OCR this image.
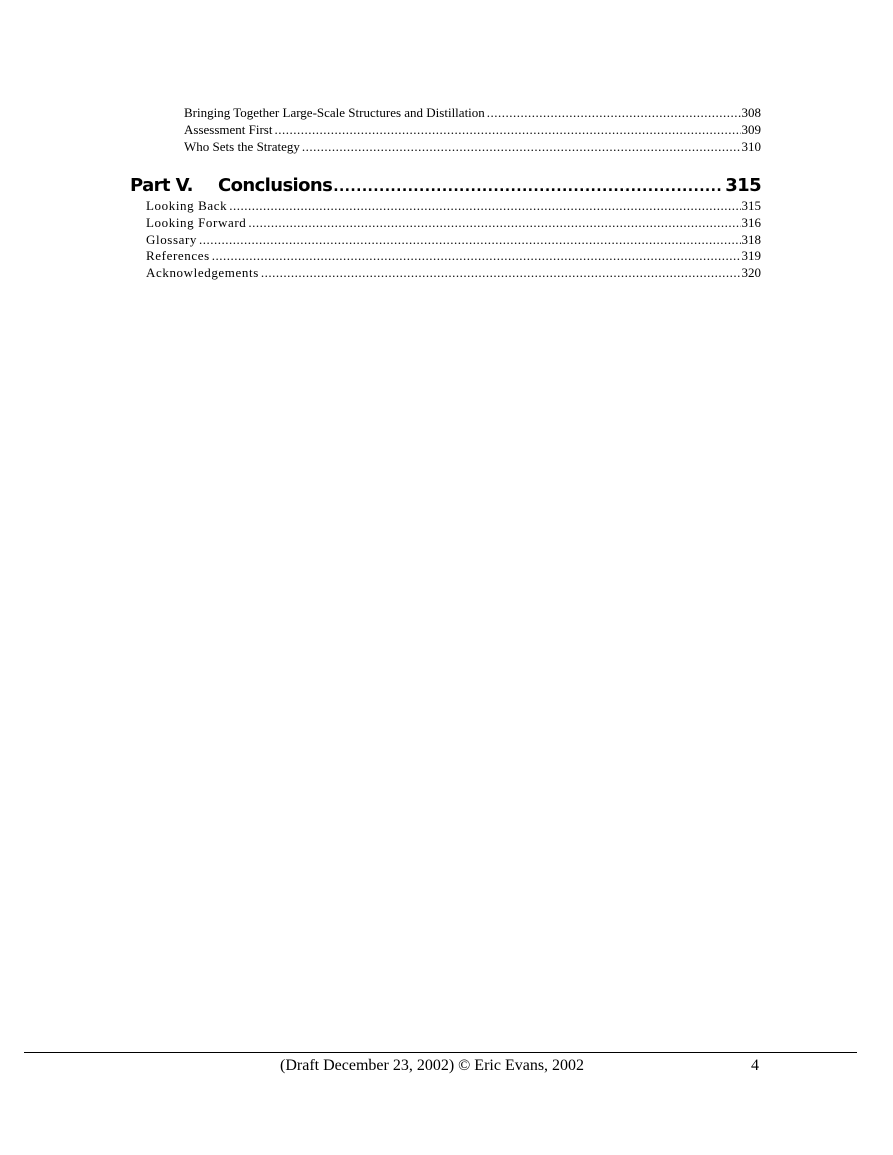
Bringing Together Large-Scale Structures and Distillation .....	308
Assessment First .....	309
Who Sets the Strategy .....	310
Part V.	Conclusions .....	315
Looking Back .....	315
Looking Forward .....	316
Glossary .....	318
References .....	319
Acknowledgements .....	320
(Draft December 23, 2002) © Eric Evans, 2002	4
